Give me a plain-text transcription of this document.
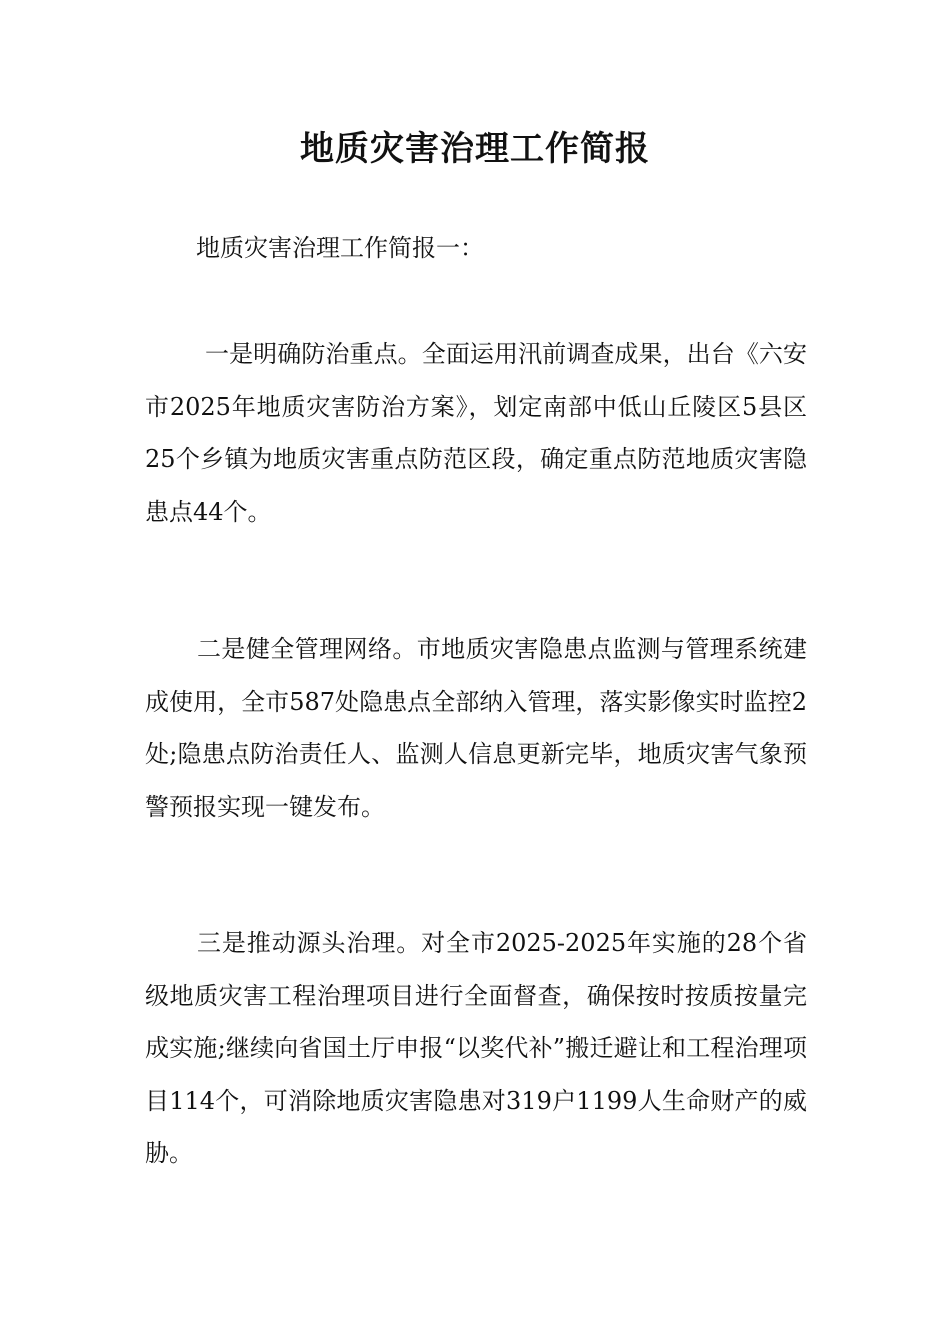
地质灾害治理工作简报

地质灾害治理工作简报一：

一是明确防治重点。全面运用汛前调查成果，出台《六安市2025年地质灾害防治方案》，划定南部中低山丘陵区5县区25个乡镇为地质灾害重点防范区段，确定重点防范地质灾害隐患点44个。

二是健全管理网络。市地质灾害隐患点监测与管理系统建成使用，全市587处隐患点全部纳入管理，落实影像实时监控2处;隐患点防治责任人、监测人信息更新完毕，地质灾害气象预警预报实现一键发布。

三是推动源头治理。对全市2025-2025年实施的28个省级地质灾害工程治理项目进行全面督查，确保按时按质按量完成实施;继续向省国土厅申报“以奖代补”搬迁避让和工程治理项目114个，可消除地质灾害隐患对319户1199人生命财产的威胁。
